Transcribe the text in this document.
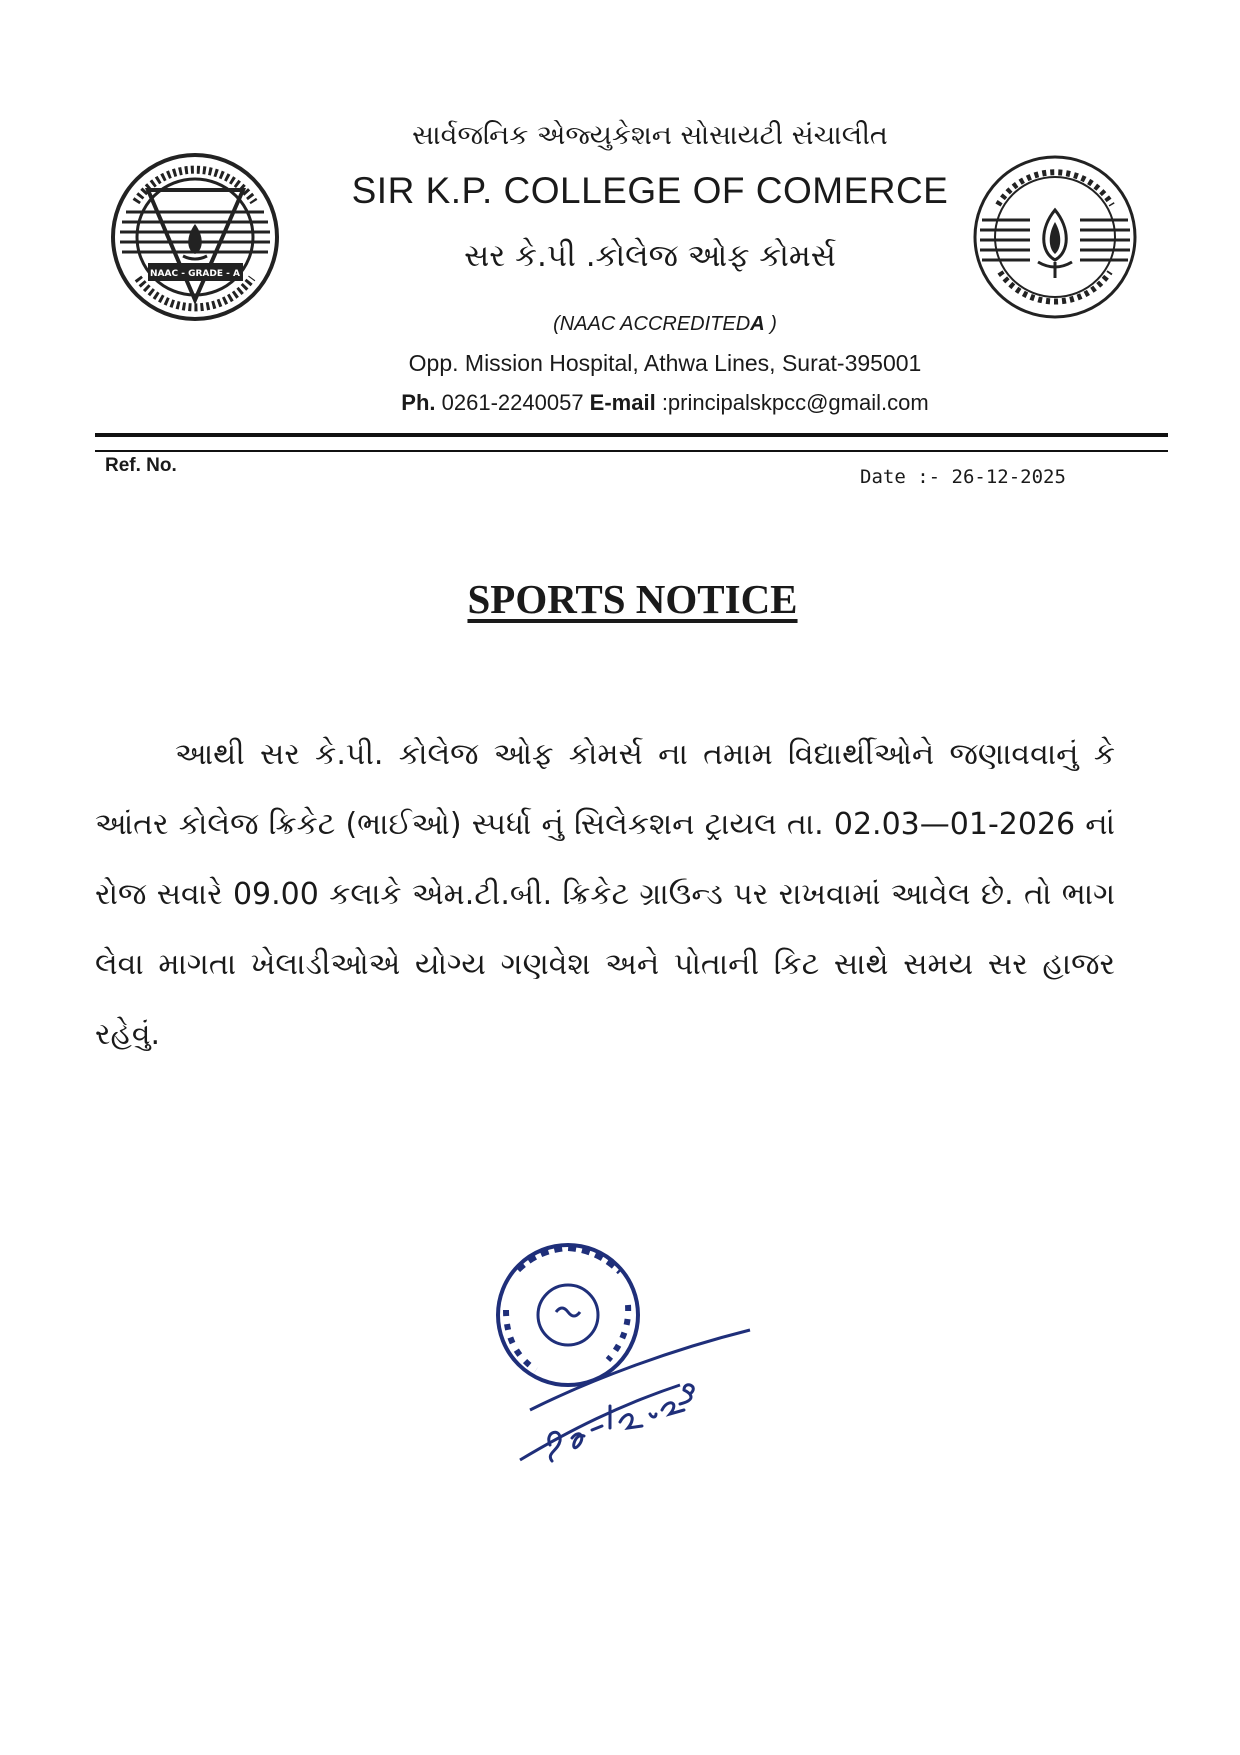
NAAC - GRADE - A
સાર્વજનિક એજ્યુકેશન સોસાયટી સંચાલીત
SIR K.P. COLLEGE OF COMERCE
સર કે.પી .કોલેજ ઓફ કોમર્સ
(NAAC ACCREDITEDA )
Opp. Mission Hospital, Athwa Lines, Surat-395001
Ph. 0261-2240057 E-mail :principalskpcc@gmail.com
Ref. No.
Date :- 26-12-2025
SPORTS NOTICE

આથી સર કે.પી. કોલેજ ઓફ કોમર્સ ના તમામ વિદ્યાર્થીઓને જણાવવાનું કે આંતર કોલેજ ક્રિકેટ (ભાઈઓ) સ્પર્ધા નું સિલેકશન ટ્રાયલ તા. 02.03—01-2026 નાં રોજ સવારે 09.00 કલાકે એમ.ટી.બી. ક્રિકેટ ગ્રાઉન્ડ પર રાખવામાં આવેલ છે. તો ભાગ લેવા માગતા ખેલાડીઓએ યોગ્ય ગણવેશ અને પોતાની કિટ સાથે સમય સર હાજર રહેવું.
